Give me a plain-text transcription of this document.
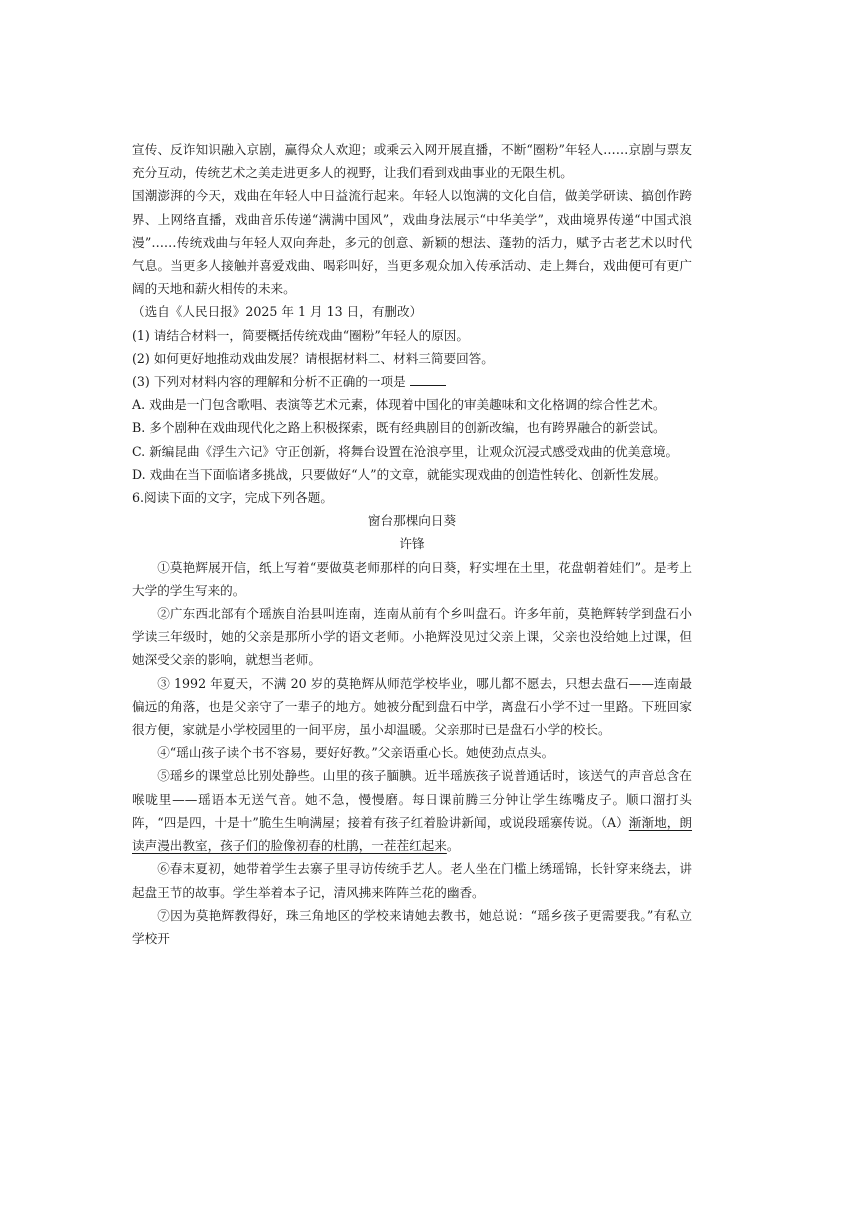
宣传、反诈知识融入京剧，赢得众人欢迎；或乘云入网开展直播，不断“圈粉”年轻人……京剧与票友充分互动，传统艺术之美走进更多人的视野，让我们看到戏曲事业的无限生机。

国潮澎湃的今天，戏曲在年轻人中日益流行起来。年轻人以饱满的文化自信，做美学研读、搞创作跨界、上网络直播，戏曲音乐传递“满满中国风”，戏曲身法展示“中华美学”，戏曲境界传递“中国式浪漫”……传统戏曲与年轻人双向奔赴，多元的创意、新颖的想法、蓬勃的活力，赋予古老艺术以时代气息。当更多人接触并喜爱戏曲、喝彩叫好，当更多观众加入传承活动、走上舞台，戏曲便可有更广阔的天地和薪火相传的未来。

（选自《人民日报》2025 年 1 月 13 日，有删改）

(1) 请结合材料一，简要概括传统戏曲“圈粉”年轻人的原因。

(2) 如何更好地推动戏曲发展？请根据材料二、材料三简要回答。

(3) 下列对材料内容的理解和分析不正确的一项是

A. 戏曲是一门包含歌唱、表演等艺术元素，体现着中国化的审美趣味和文化格调的综合性艺术。

B. 多个剧种在戏曲现代化之路上积极探索，既有经典剧目的创新改编，也有跨界融合的新尝试。

C. 新编昆曲《浮生六记》守正创新，将舞台设置在沧浪亭里，让观众沉浸式感受戏曲的优美意境。

D. 戏曲在当下面临诸多挑战，只要做好“人”的文章，就能实现戏曲的创造性转化、创新性发展。

6.阅读下面的文字，完成下列各题。

窗台那棵向日葵

许锋

①莫艳辉展开信，纸上写着“要做莫老师那样的向日葵，籽实埋在土里，花盘朝着娃们”。是考上大学的学生写来的。

②广东西北部有个瑶族自治县叫连南，连南从前有个乡叫盘石。许多年前，莫艳辉转学到盘石小学读三年级时，她的父亲是那所小学的语文老师。小艳辉没见过父亲上课，父亲也没给她上过课，但她深受父亲的影响，就想当老师。

③ 1992 年夏天，不满 20 岁的莫艳辉从师范学校毕业，哪儿都不愿去，只想去盘石——连南最偏远的角落，也是父亲守了一辈子的地方。她被分配到盘石中学，离盘石小学不过一里路。下班回家很方便，家就是小学校园里的一间平房，虽小却温暖。父亲那时已是盘石小学的校长。

④“瑶山孩子读个书不容易，要好好教。”父亲语重心长。她使劲点点头。

⑤瑶乡的课堂总比别处静些。山里的孩子腼腆。近半瑶族孩子说普通话时，该送气的声音总含在喉咙里——瑶语本无送气音。她不急，慢慢磨。每日课前腾三分钟让学生练嘴皮子。顺口溜打头阵，“四是四，十是十”脆生生响满屋；接着有孩子红着脸讲新闻，或说段瑶寨传说。（A）渐渐地，朗读声漫出教室，孩子们的脸像初春的杜鹃，一茬茬红起来。

⑥春末夏初，她带着学生去寨子里寻访传统手艺人。老人坐在门槛上绣瑶锦，长针穿来绕去，讲起盘王节的故事。学生举着本子记，清风拂来阵阵兰花的幽香。

⑦因为莫艳辉教得好，珠三角地区的学校来请她去教书，她总说：“瑶乡孩子更需要我。”有私立学校开
